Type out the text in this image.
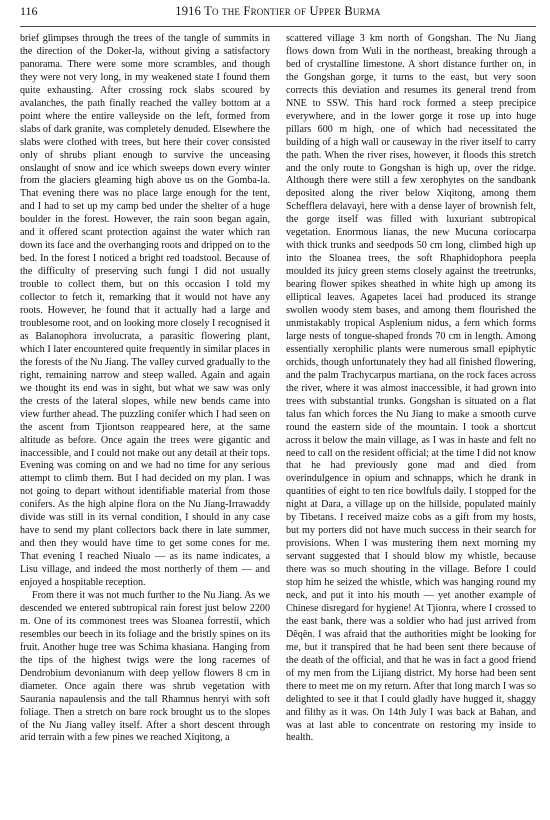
116	1916 To the Frontier of Upper Burma

brief glimpses through the trees of the tangle of summits in the direction of the Doker-la, without giving a satisfactory panorama. There were some more scrambles, and though they were not very long, in my weakened state I found them quite exhausting. After crossing rock slabs scoured by avalanches, the path finally reached the valley bottom at a point where the entire valleyside on the left, formed from slabs of dark granite, was completely denuded. Elsewhere the slabs were clothed with trees, but here their cover consisted only of shrubs pliant enough to survive the unceasing onslaught of snow and ice which sweeps down every winter from the glaciers gleaming high above us on the Gomba-la. That evening there was no place large enough for the tent, and I had to set up my camp bed under the shelter of a huge boulder in the forest. However, the rain soon began again, and it offered scant protection against the water which ran down its face and the overhanging roots and dripped on to the bed. In the forest I noticed a bright red toadstool. Because of the difficulty of preserving such fungi I did not usually trouble to collect them, but on this occasion I told my collector to fetch it, remarking that it would not have any roots. However, he found that it actually had a large and troublesome root, and on looking more closely I recognised it as Balanophora involucrata, a parasitic flowering plant, which I later encountered quite frequently in similar places in the forests of the Nu Jiang. The valley curved gradually to the right, remaining narrow and steep walled. Again and again we thought its end was in sight, but what we saw was only the crests of the lateral slopes, while new bends came into view further ahead. The puzzling conifer which I had seen on the ascent from Tjiontson reappeared here, at the same altitude as before. Once again the trees were gigantic and inaccessible, and I could not make out any detail at their tops. Evening was coming on and we had no time for any serious attempt to climb them. But I had decided on my plan. I was not going to depart without identifiable material from those conifers. As the high alpine flora on the Nu Jiang-Irrawaddy divide was still in its vernal condition, I should in any case have to send my plant collectors back there in late summer, and then they would have time to get some cones for me. That evening I reached Niualo — as its name indicates, a Lisu village, and indeed the most northerly of them — and enjoyed a hospitable reception.

From there it was not much further to the Nu Jiang. As we descended we entered subtropical rain forest just below 2200 m. One of its commonest trees was Sloanea forrestii, which resembles our beech in its foliage and the bristly spines on its fruit. Another huge tree was Schima khasiana. Hanging from the tips of the highest twigs were the long racemes of Dendrobium devonianum with deep yellow flowers 8 cm in diameter. Once again there was shrub vegetation with Saurania napaulensis and the tall Rhamnus henryi with soft foliage. Then a stretch on bare rock brought us to the slopes of the Nu Jiang valley itself. After a short descent through arid terrain with a few pines we reached Xiqitong, a

scattered village 3 km north of Gongshan. The Nu Jiang flows down from Wuli in the northeast, breaking through a bed of crystalline limestone. A short distance further on, in the Gongshan gorge, it turns to the east, but very soon corrects this deviation and resumes its general trend from NNE to SSW. This hard rock formed a steep precipice everywhere, and in the lower gorge it rose up into huge pillars 600 m high, one of which had necessitated the building of a high wall or causeway in the river itself to carry the path. When the river rises, however, it floods this stretch and the only route to Gongshan is high up, over the ridge. Although there were still a few xerophytes on the sandbank deposited along the river below Xiqitong, among them Schefflera delavayi, here with a dense layer of brownish felt, the gorge itself was filled with luxuriant subtropical vegetation. Enormous lianas, the new Mucuna coriocarpa with thick trunks and seedpods 50 cm long, climbed high up into the Sloanea trees, the soft Rhaphidophora peepla moulded its juicy green stems closely against the treetrunks, bearing flower spikes sheathed in white high up among its elliptical leaves. Agapetes lacei had produced its strange swollen woody stem bases, and among them flourished the unmistakably tropical Asplenium nidus, a fern which forms large nests of tongue-shaped fronds 70 cm in length. Among essentially xerophilic plants were numerous small epiphytic orchids, though unfortunately they had all finished flowering, and the palm Trachycarpus martiana, on the rock faces across the river, where it was almost inaccessible, it had grown into trees with substantial trunks. Gongshan is situated on a flat talus fan which forces the Nu Jiang to make a smooth curve round the eastern side of the mountain. I took a shortcut across it below the main village, as I was in haste and felt no need to call on the resident official; at the time I did not know that he had previously gone mad and died from overindulgence in opium and schnapps, which he drank in quantities of eight to ten rice bowlfuls daily. I stopped for the night at Dara, a village up on the hillside, populated mainly by Tibetans. I received maize cobs as a gift from my hosts, but my porters did not have much success in their search for provisions. When I was mustering them next morning my servant suggested that I should blow my whistle, because there was so much shouting in the village. Before I could stop him he seized the whistle, which was hanging round my neck, and put it into his mouth — yet another example of Chinese disregard for hygiene! At Tjionra, where I crossed to the east bank, there was a soldier who had just arrived from Dêqên. I was afraid that the authorities might be looking for me, but it transpired that he had been sent there because of the death of the official, and that he was in fact a good friend of my men from the Lijiang district. My horse had been sent there to meet me on my return. After that long march I was so delighted to see it that I could gladly have hugged it, shaggy and filthy as it was. On 14th July I was back at Bahan, and was at last able to concentrate on restoring my inside to health.
